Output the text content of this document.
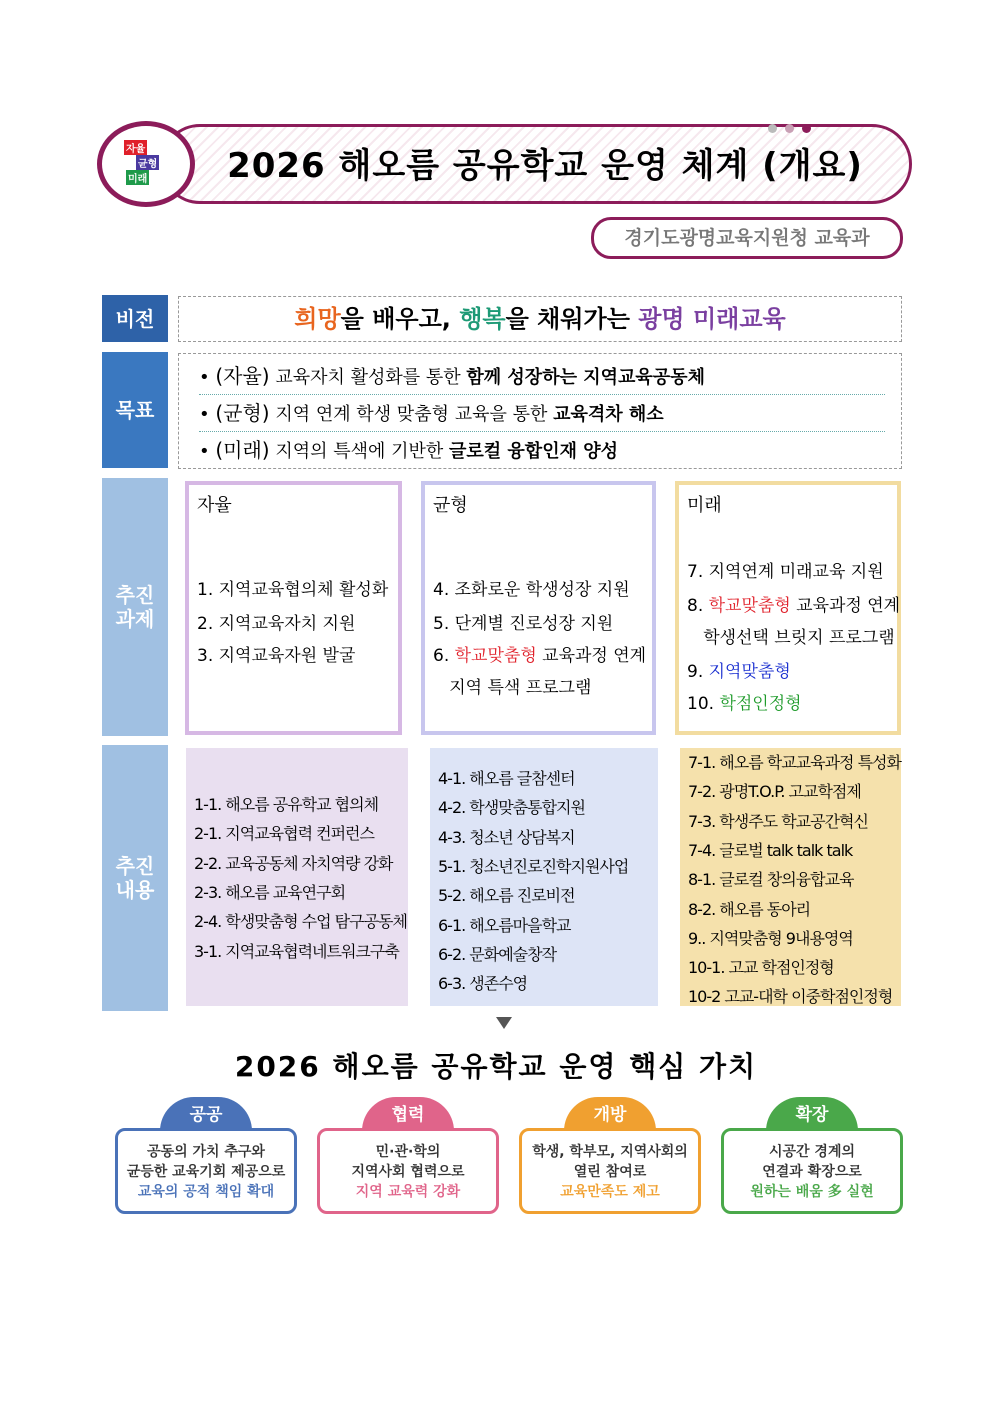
자율
균형
미래	2026 해오름 공유학교 운영 체계 (개요)
경기도광명교육지원청 교육과
비전	희망을 배우고, 행복을 채워가는 광명 미래교육
목표
• (자율) 교육자치 활성화를 통한 함께 성장하는 지역교육공동체
• (균형) 지역 연계 학생 맞춤형 교육을 통한 교육격차 해소
• (미래) 지역의 특색에 기반한 글로컬 융합인재 양성
추진
과제
자율
1. 지역교육협의체 활성화
2. 지역교육자치 지원
3. 지역교육자원 발굴
균형
4. 조화로운 학생성장 지원
5. 단계별 진로성장 지원
6. 학교맞춤형 교육과정 연계
지역 특색 프로그램
미래
7. 지역연계 미래교육 지원
8. 학교맞춤형 교육과정 연계
학생선택 브릿지 프로그램
9. 지역맞춤형
10. 학점인정형
추진
내용
1-1. 해오름 공유학교 협의체
2-1. 지역교육협력 컨퍼런스
2-2. 교육공동체 자치역량 강화
2-3. 해오름 교육연구회
2-4. 학생맞춤형 수업 탐구공동체
3-1. 지역교육협력네트워크구축
4-1. 해오름 글참센터
4-2. 학생맞춤통합지원
4-3. 청소년 상담복지
5-1. 청소년진로진학지원사업
5-2. 해오름 진로비전
6-1. 해오름마을학교
6-2. 문화예술창작
6-3. 생존수영
7-1. 해오름 학교교육과정 특성화
7-2. 광명T.O.P. 고교학점제
7-3. 학생주도 학교공간혁신
7-4. 글로벌 talk talk talk
8-1. 글로컬 창의융합교육
8-2. 해오름 동아리
9.. 지역맞춤형 9내용영역
10-1. 고교 학점인정형
10-2 고교-대학 이중학점인정형
2026 해오름 공유학교 운영 핵심 가치
공공
공동의 가치 추구와
균등한 교육기회 제공으로
교육의 공적 책임 확대
협력
민·관·학의
지역사회 협력으로
지역 교육력 강화
개방
학생, 학부모, 지역사회의
열린 참여로
교육만족도 제고
확장
시공간 경계의
연결과 확장으로
원하는 배움 多 실현
